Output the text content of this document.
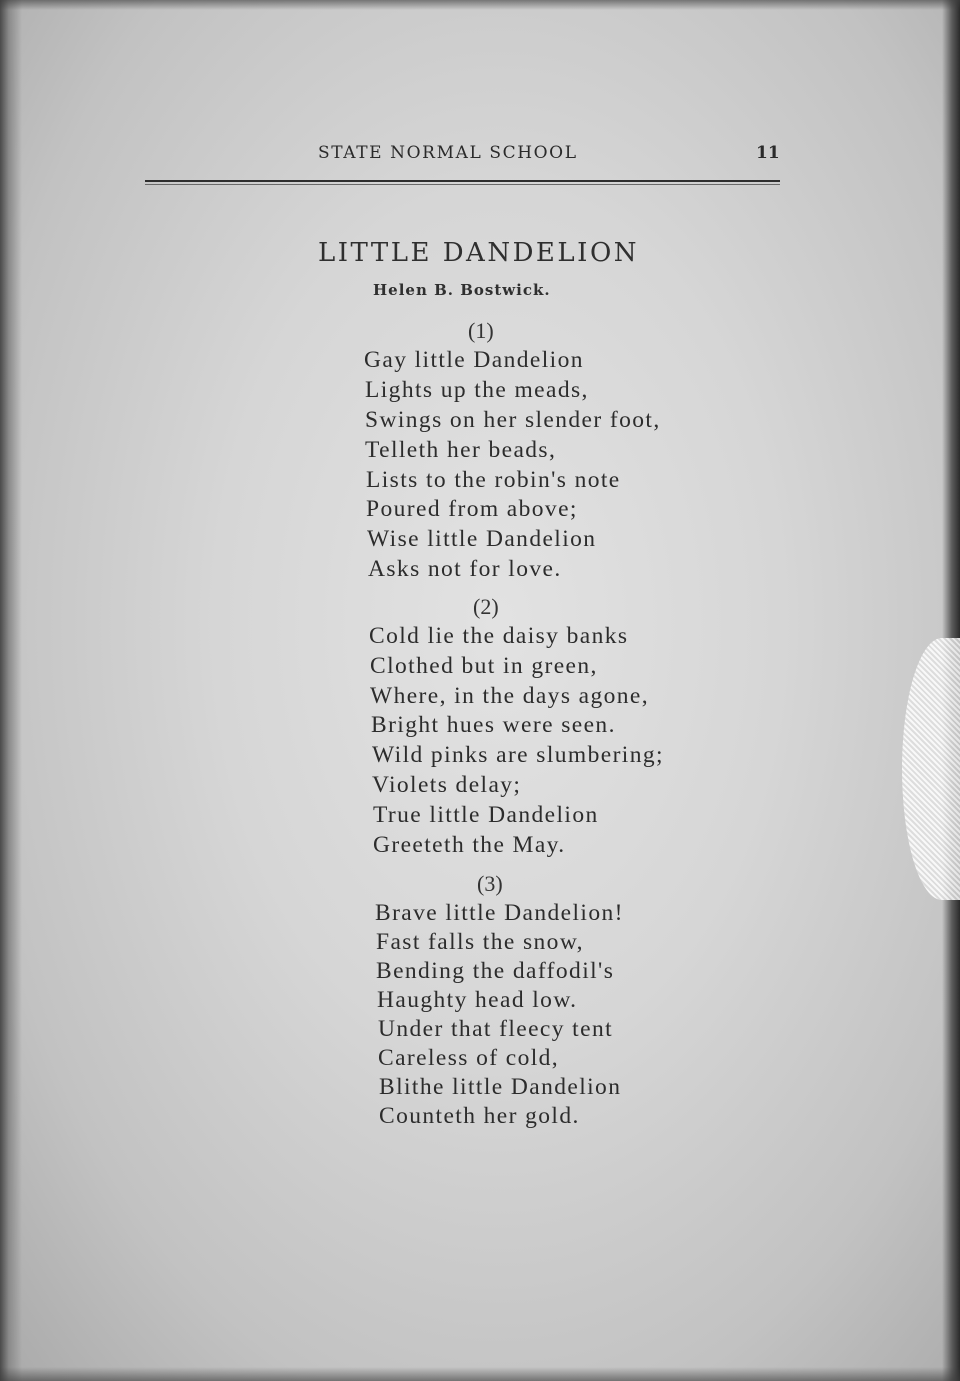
STATE NORMAL SCHOOL	11
LITTLE DANDELION
Helen B. Bostwick.
(1)
Gay little Dandelion
Lights up the meads,
Swings on her slender foot,
Telleth her beads,
Lists to the robin's note
Poured from above;
Wise little Dandelion
Asks not for love.
(2)
Cold lie the daisy banks
Clothed but in green,
Where, in the days agone,
Bright hues were seen.
Wild pinks are slumbering;
Violets delay;
True little Dandelion
Greeteth the May.
(3)
Brave little Dandelion!
Fast falls the snow,
Bending the daffodil's
Haughty head low.
Under that fleecy tent
Careless of cold,
Blithe little Dandelion
Counteth her gold.
